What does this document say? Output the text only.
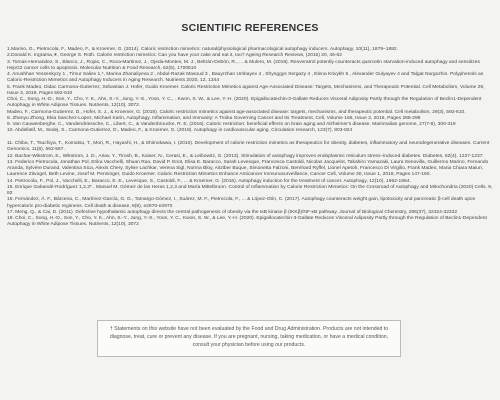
SCIENTIFIC REFERENCES

1.Marino, G., Pietrocola, F., Madeo, F., & Kroemer, G. (2014). Caloric restriction mimetics: natural/physiological pharmacological autophagy inducers. Autophagy, 10(11), 1879–1882.

2.Donald K. Ingrama,∗, George S. Roth. Calorie restriction mimetics: Can you have your cake and eat it, too? Ageing Research Reviews, (2015) 20, 46-62

3. Tomas-Hernandez, S., Blanco, J., Rojas, C., Roca-Martinez, J., Ojeda-Montes, M. J., Beltrán-Debón, R., ... & Mulero, M. (2018). Resveratrol potently counteracts quercetin starvation-induced autophagy and sensitizes HepG2 cancer cells to apoptosis. Molecular Nutrition & Food Research, 62(5), 1700610

4. Anushhan Yessenkyzy 1 , Timur Saliev 1,*, Marina Zhanaliyeva 2 , Abdul-Razak Masoud 3 , Bauyrzhan Umbayev 4 , Shynggys Sergazy 4 , Elena Krivykh 5 , Alexander Gulyayev 4 and Talgat Nurgozhin. Polyphenols as Caloric-Restriction Mimetics and Autophagy Inducers in Aging Research. Nutrients 2020, 12, 1344

5. Frank Madeo, Didac Carmona-Gutierrez, Sebastian J. Hofer, Guido Kroemer. Caloric Restriction Mimetics against Age-Associated Disease: Targets, Mechanisms, and Therapeutic Potential. Cell Metabolism, Volume 29, Issue 3, 2019, Pages 592-610

Choi, C., Song, H.-D., Son, Y., Cho, Y. K., Ahn, S.-Y., Jung, Y.-S., Yoon, Y. C., . Kwon, S. W., & Lee, Y.-H. (2020). Epigallocatechin-3-Gallate Reduces Visceral Adiposity Partly through the Regulation of Beclin1-Dependent Autophagy in White Adipose Tissues. Nutrients, 12(10), 3072.

Madeo, F., Carmona-Gutierrez, D., Hofer, S. J., & Kroemer, G. (2019). Caloric restriction mimetics against age-associated disease: targets, mechanisms, and therapeutic potential. Cell metabolism, 29(3), 592-610.

8. Zhenyu Zhong, Ekia Sanchez-Lopez, Michael Karin, Autophagy, Inflammation, and Immunity: A Troika Governing Cancer and Its Treatment, Cell, Volume 166, Issue 2, 2016, Pages 288-298

9. Van Cauwenberghe, C., Vandendriessche, C., Libert, C., & Vandenbroucke, R. E. (2016). Caloric restriction: beneficial effects on brain aging and Alzheimer's disease. Mammalian genome, 27(7-8), 300-319

10. Abdellatif, M., Sedej, S., Carmona-Gutierrez, D., Madeo, F., & Kroemer, G. (2018). Autophagy in cardiovascular aging. Circulation research, 123(7), 803-824

11. Chiba, T., Tsuchiya, T., Komatsu, T., Mori, R., Hayashi, H., & Shimokawa, I. (2010). Development of calorie restriction mimetics as therapeutics for obesity, diabetes, inflammatory and neurodegenerative diseases. Current Genomics, 11(8), 562-567.

12. Bachar-Wikstrom, E., Wikstrom, J. D., Ariav, Y., Tirosh, B., Kaiser, N., Cerasi, E., & Leibowitz, G. (2013). Stimulation of autophagy improves endoplasmic reticulum stress–induced diabetes. Diabetes, 62(4), 1227-1237.

13. Federico Pietrocola, Jonathan Pol, Erika Vacchelli, Shuan Rao, David P. Enot, Elisa E. Baracco, Sarah Levesque, Francesca Castoldi, Nicolas Jacquelot, Takahiro Yamazaki, Laura Senovilla, Guillermo Marino, Fernando Aranda, Sylvère Durand, Valentina Sica, Alexis Chery, Sylvie Lachkar, Verena Sigl, Norma Bloy, Aitziber Buque, Simonetta Falzoni, Bernhard Ryffel, Lionel Apetoh, Francesco Di Virgilio, Frank Madeo, Maria Chiara Maiuri, Laurence Zitvogel, Beth Levine, Josef M. Penninger, Guido Kroemer. Caloric Restriction Mimetics Enhance Anticancer Immunosurveillance, Cancer Cell, Volume 30, Issue 1, 2016, Pages 147-160.

14. Pietrocola, F., Pol, J., Vacchelli, E., Baracco, E. E., Levesque, S., Castoldi, F., ... & Kroemer, G. (2016). Autophagy induction for the treatment of cancer. Autophagy, 12(10), 1962-1964.

15. Enrique Gabandé-Rodríguez 1,2,3* , Manuel M. Gómez de las Heras 1,2,3 and María Mittelbrunn. Control of Inflammation by Calorie Restriction Mimetics: On the Crossroad of Autophagy and Mitochondria (2020) Cells, 9, 82

16. Fernández, Á. F., Bárcena, C., Martínez-García, G. G., Tamargo-Gómez, I., Suárez, M. F., Pietrocola, F., ... & López-Otín, C. (2017). Autophagy counteracts weight gain, lipotoxicity and pancreatic β-cell death upon hypercaloric pro-diabetic regimens. Cell death & disease, 8(8), e2970-e2970

17. Meng, Q., & Cai, D. (2011). Defective hypothalamic autophagy directs the central pathogenesis of obesity via the IκB kinase β (IKKβ)/NF-κB pathway. Journal of Biological Chemistry, 286(37), 32324-32332

18. Choi, C., Song, H.-D., Son, Y., Cho, Y. K., Ahn, S.-Y., Jung, Y.-S., Yoon, Y. C., Kwon, S. W., & Lee, Y.-H. (2020). Epigallocatechin-3-Gallate Reduces Visceral Adiposity Partly through the Regulation of Beclin1-Dependent Autophagy in White Adipose Tissues. Nutrients, 12(10), 3072

† Statements on this website have not been evaluated by the Food and Drug Administration. Products are not intended to diagnose, treat, cure or prevent any disease. If you are pregnant, nursing, taking medication, or have a medical condition, consult your physician before using our products.
